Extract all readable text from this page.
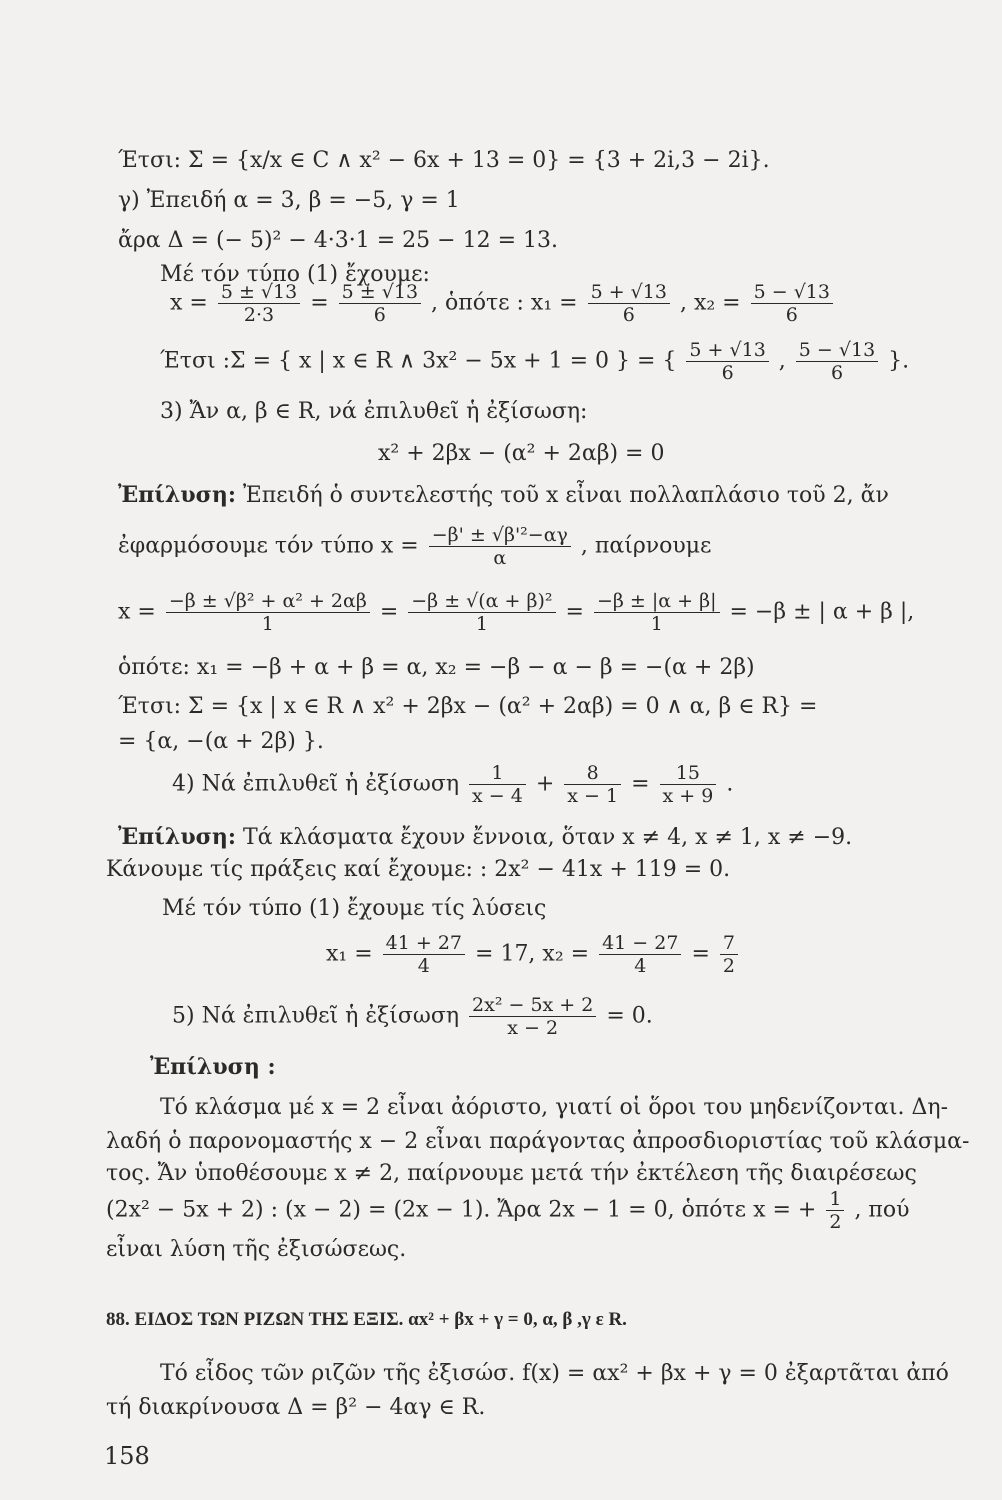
Έτσι: Σ = {x/x ∈ C ∧ x² − 6x + 13 = 0} = {3 + 2i,3 − 2i}.
γ) Ἐπειδή α = 3, β = −5, γ = 1
ἄρα Δ = (− 5)² − 4·3·1 = 25 − 12 = 13.
Μέ τόν τύπο (1) ἔχουμε:
$x = \frac{5 \pm √13}{2\cdot 3} = \frac{5 \pm √13}{6}$ , ὁπότε : $x_1 = \frac{5 + √13}{6}$ , $x_2 = \frac{5 - √13}{6}$
Έτσι :Σ = { x | x ∈ R ∧ 3x² − 5x + 1 = 0 } = { $\frac{5 + √13}{6}$ , $\frac{5 - √13}{6}$ }.
3) Ἄν α, β ∈ R, νά ἐπιλυθεῖ ἡ ἐξίσωση:
x² + 2βx − (α² + 2αβ) = 0
Ἐπίλυση: Ἐπειδή ὁ συντελεστής τοῦ x εἶναι πολλαπλάσιο τοῦ 2, ἄν
ἐφαρμόσουμε τόν τύπο $x = \frac{\text{−β' ± √β'²−αγ}}{\alpha}$ , παίρνουμε
$x = \frac{\text{−β ± √β² + α² + 2αβ}}{1} = \frac{\text{−β ± √(α + β)²}}{1} = \frac{-\beta \pm |\alpha + \beta|}{1} = -\beta$ ± | α + β |,
ὁπότε: x₁ = −β + α + β = α, x₂ = −β − α − β = −(α + 2β)
Έτσι: Σ = {x | x ∈ R ∧ x² + 2βx − (α² + 2αβ) = 0 ∧ α, β ∈ R} =
= {α, −(α + 2β) }.
4) Νά ἐπιλυθεῖ ἡ ἐξίσωση $\frac{1}{x - 4} + \frac{8}{x - 1} = \frac{15}{x + 9}$ .
Ἐπίλυση: Τά κλάσματα ἔχουν ἔννοια, ὅταν x ≠ 4, x ≠ 1, x ≠ −9.
Κάνουμε τίς πράξεις καί ἔχουμε: : 2x² − 41x + 119 = 0.
Μέ τόν τύπο (1) ἔχουμε τίς λύσεις
$x_1 = \frac{41 + 27}{4} = 17$, $x_2 = \frac{41 - 27}{4} = \frac{7}{2}$
5) Νά ἐπιλυθεῖ ἡ ἐξίσωση $\frac{\text{2x² − 5x + 2}}{x - 2} = 0$.
Ἐπίλυση :
Τό κλάσμα μέ x = 2 εἶναι ἀόριστο, γιατί οἱ ὅροι του μηδενίζονται. Δη-
λαδή ὁ παρονομαστής x − 2 εἶναι παράγοντας ἀπροσδιοριστίας τοῦ κλάσμα-
τος. Ἄν ὑποθέσουμε x ≠ 2, παίρνουμε μετά τήν ἐκτέλεση τῆς διαιρέσεως
(2x² − 5x + 2) : (x − 2) = (2x − 1). Ἄρα 2x − 1 = 0, ὁπότε x = + $\frac{1}{2}$ , πού
εἶναι λύση τῆς ἐξισώσεως.
88. ΕΙΔΟΣ ΤΩΝ ΡΙΖΩΝ ΤΗΣ ΕΞΙΣ. αx² + βx + γ = 0, α, β ,γ ε R.
Τό εἶδος τῶν ριζῶν τῆς ἐξισώσ. f(x) = αx² + βx + γ = 0 ἐξαρτᾶται ἀπό
τή διακρίνουσα Δ = β² − 4αγ ∈ R.
158
